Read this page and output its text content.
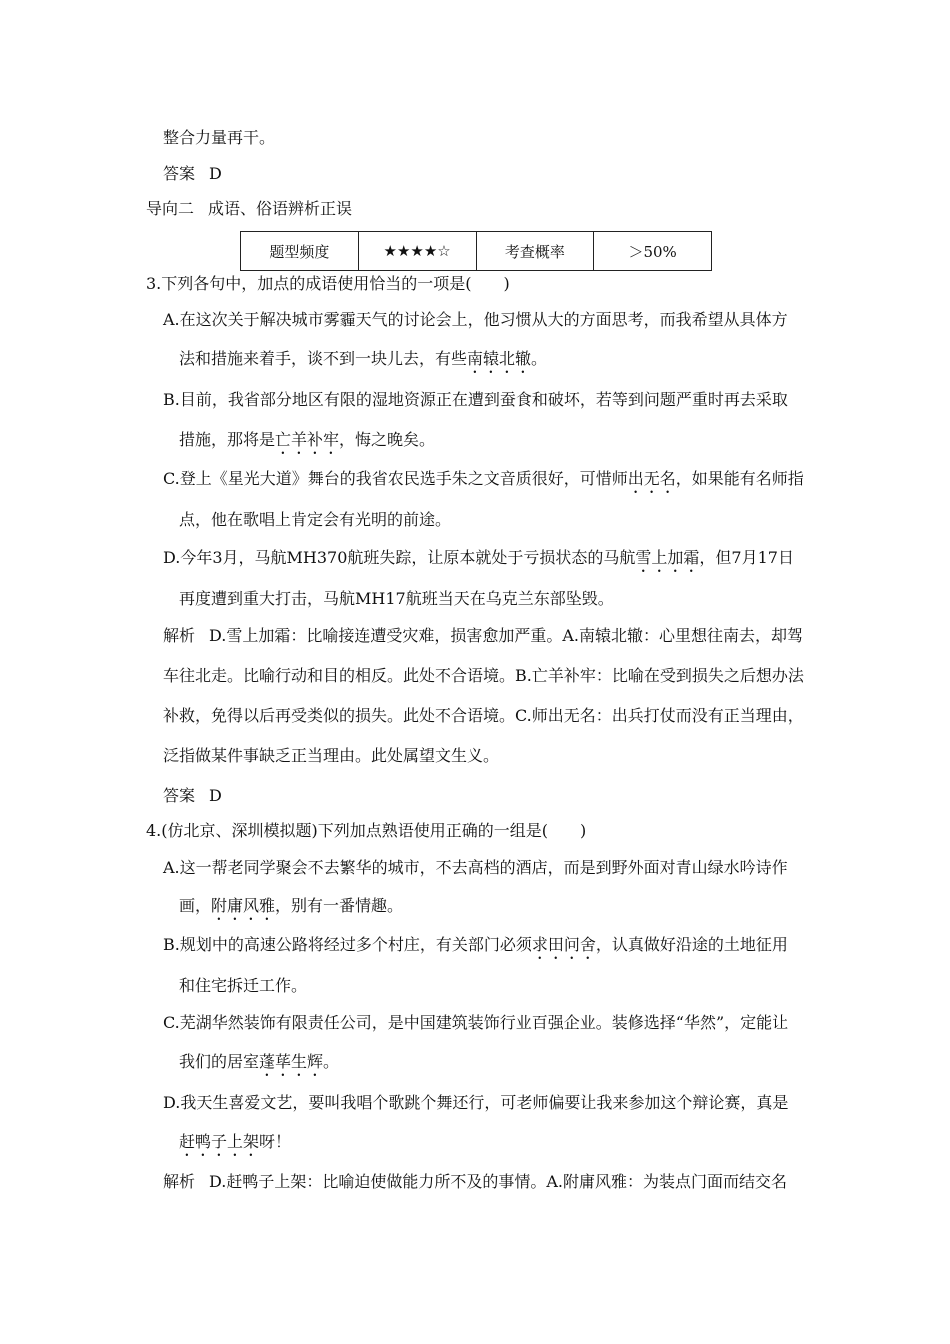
整合力量再干。
答案 D
导向二 成语、俗语辨析正误
题型频度	★★★★☆	考查概率	＞50%
3.下列各句中，加点的成语使用恰当的一项是(　　)
A.在这次关于解决城市雾霾天气的讨论会上，他习惯从大的方面思考，而我希望从具体方
法和措施来着手，谈不到一块儿去，有些南辕北辙。
B.目前，我省部分地区有限的湿地资源正在遭到蚕食和破坏，若等到问题严重时再去采取
措施，那将是亡羊补牢，悔之晚矣。
C.登上《星光大道》舞台的我省农民选手朱之文音质很好，可惜师出无名，如果能有名师指
点，他在歌唱上肯定会有光明的前途。
D.今年3月，马航MH370航班失踪，让原本就处于亏损状态的马航雪上加霜，但7月17日
再度遭到重大打击，马航MH17航班当天在乌克兰东部坠毁。
解析 D.雪上加霜：比喻接连遭受灾难，损害愈加严重。A.南辕北辙：心里想往南去，却驾
车往北走。比喻行动和目的相反。此处不合语境。B.亡羊补牢：比喻在受到损失之后想办法
补救，免得以后再受类似的损失。此处不合语境。C.师出无名：出兵打仗而没有正当理由，
泛指做某件事缺乏正当理由。此处属望文生义。
答案 D
4.(仿北京、深圳模拟题)下列加点熟语使用正确的一组是(　　)
A.这一帮老同学聚会不去繁华的城市，不去高档的酒店，而是到野外面对青山绿水吟诗作
画，附庸风雅，别有一番情趣。
B.规划中的高速公路将经过多个村庄，有关部门必须求田问舍，认真做好沿途的土地征用
和住宅拆迁工作。
C.芜湖华然装饰有限责任公司，是中国建筑装饰行业百强企业。装修选择“华然”，定能让
我们的居室蓬荜生辉。
D.我天生喜爱文艺，要叫我唱个歌跳个舞还行，可老师偏要让我来参加这个辩论赛，真是
赶鸭子上架呀！
解析 D.赶鸭子上架：比喻迫使做能力所不及的事情。A.附庸风雅：为装点门面而结交名
